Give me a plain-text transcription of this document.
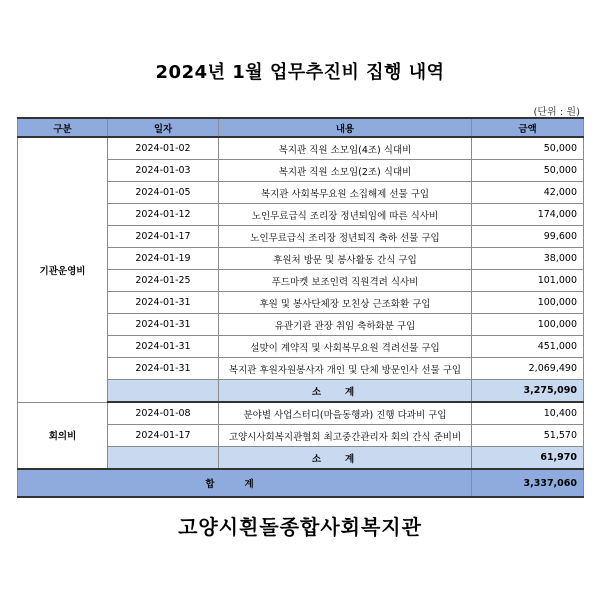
2024년 1월 업무추진비 집행 내역
(단위 : 원)
구분	일자	내용	금액
기관운영비	2024-01-02	복지관 직원 소모임(4조) 식대비	50,000
	2024-01-03	복지관 직원 소모임(2조) 식대비	50,000
	2024-01-05	복지관 사회복무요원 소집해제 선물 구입	42,000
	2024-01-12	노인무료급식 조리장 정년퇴임에 따른 식사비	174,000
	2024-01-17	노인무료급식 조리장 정년퇴직 축하 선물 구입	99,600
	2024-01-19	후원처 방문 및 봉사활동 간식 구입	38,000
	2024-01-25	푸드마켓 보조인력 직원격려 식사비	101,000
	2024-01-31	후원 및 봉사단체장 모친상 근조화환 구입	100,000
	2024-01-31	유관기관 관장 취임 축하화분 구입	100,000
	2024-01-31	설맞이 계약직 및 사회복무요원 격려선물 구입	451,000
	2024-01-31	복지관 후원자원봉사자 개인 및 단체 방문인사 선물 구입	2,069,490
		소계	3,275,090
회의비	2024-01-08	분야별 사업스터디(마을동행과) 진행 다과비 구입	10,400
	2024-01-17	고양시사회복지관협회 최고중간관리자 회의 간식 준비비	51,570
		소계	61,970
합계			3,337,060
고양시흰돌종합사회복지관
